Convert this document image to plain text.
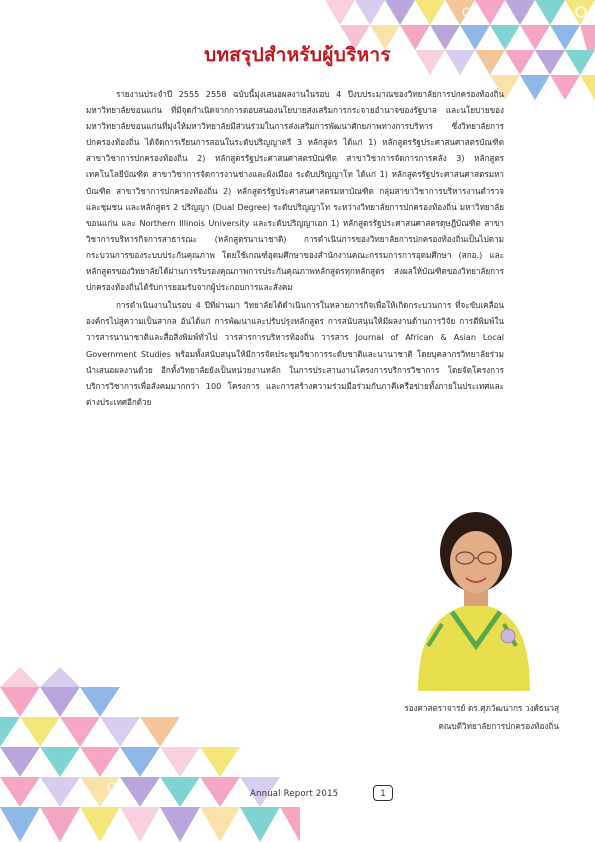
บทสรุปสำหรับผู้บริหาร

รายงานประจำปี 2555 2558 ฉบับนี้มุ่งเสนอผลงานในรอบ 4 ปีงบประมาณของวิทยาลัยการปกครองท้องถิ่น มหาวิทยาลัยขอนแก่น ที่มีจุดกำเนิดจากการตอบสนองนโยบายส่งเสริมการกระจายอำนาจของรัฐบาล และนโยบายของมหาวิทยาลัยขอนแก่นที่มุ่งให้มหาวิทยาลัยมีส่วนร่วมในการส่งเสริมการพัฒนาศักยภาพทางการบริหาร ซึ่งวิทยาลัยการปกครองท้องถิ่น ได้จัดการเรียนการสอนในระดับปริญญาตรี 3 หลักสูตร ได้แก่ 1) หลักสูตรรัฐประศาสนศาสตรบัณฑิต สาขาวิชาการปกครองท้องถิ่น 2) หลักสูตรรัฐประศาสนศาสตรบัณฑิต สาขาวิชาการจัดการการคลัง 3) หลักสูตรเทคโนโลยีบัณฑิต สาขาวิชาการจัดการงานช่างและผังเมือง ระดับปริญญาโท ได้แก่ 1) หลักสูตรรัฐประศาสนศาสตรมหาบัณฑิต สาขาวิชาการปกครองท้องถิ่น 2) หลักสูตรรัฐประศาสนศาสตรมหาบัณฑิต กลุ่มสาขาวิชาการบริหารงานตำรวจและชุมชน และหลักสูตร 2 ปริญญา (Dual Degree) ระดับปริญญาโท ระหว่างวิทยาลัยการปกครองท้องถิ่น มหาวิทยาลัยขอนแก่น และ Northern Illinois University และระดับปริญญาเอก 1) หลักสูตรรัฐประศาสนศาสตรดุษฎีบัณฑิต สาขาวิชาการบริหารกิจการสาธารณะ (หลักสูตรนานาชาติ) การดำเนินการของวิทยาลัยการปกครองท้องถิ่นเป็นไปตามกระบวนการของระบบประกันคุณภาพ โดยใช้เกณฑ์อุดมศึกษาของสำนักงานคณะกรรมการการอุดมศึกษา (สกอ.) และหลักสูตรของวิทยาลัยได้ผ่านการรับรองคุณภาพการประกันคุณภาพหลักสูตรทุกหลักสูตร ส่งผลให้บัณฑิตของวิทยาลัยการปกครองท้องถิ่นได้รับการยอมรับจากผู้ประกอบการและสังคม

การดำเนินงานในรอบ 4 ปีที่ผ่านมา วิทยาลัยได้ดำเนินการในหลายภารกิจเพื่อให้เกิดกระบวนการ ที่จะขับเคลื่อนองค์กรไปสู่ความเป็นสากล อันได้แก่ การพัฒนาและปรับปรุงหลักสูตร การสนับสนุนให้มีผลงานด้านการวิจัย การตีพิมพ์ในวารสารนานาชาติและสื่อสิ่งพิมพ์ทั่วไป วารสารการบริหารท้องถิ่น วารสาร Journal of African & Asian Local Government Studies พร้อมทั้งสนับสนุนให้มีการจัดประชุมวิชาการระดับชาติและนานาชาติ โดยบุคลากรวิทยาลัยร่วมนำเสนอผลงานด้วย อีกทั้งวิทยาลัยยังเป็นหน่วยงานหลัก ในการประสานงานโครงการบริการวิชาการ โดยจัดโครงการบริการวิชาการเพื่อสังคมมากกว่า 100 โครงการ และการสร้างความร่วมมือร่วมกับภาคีเครือข่ายทั้งภายในประเทศและต่างประเทศอีกด้วย

รองศาสตราจารย์ ดร.ศุภวัฒนากร วงศ์ธนวสุ
คณบดีวิทยาลัยการปกครองท้องถิ่น
Annual Report 2015	1
